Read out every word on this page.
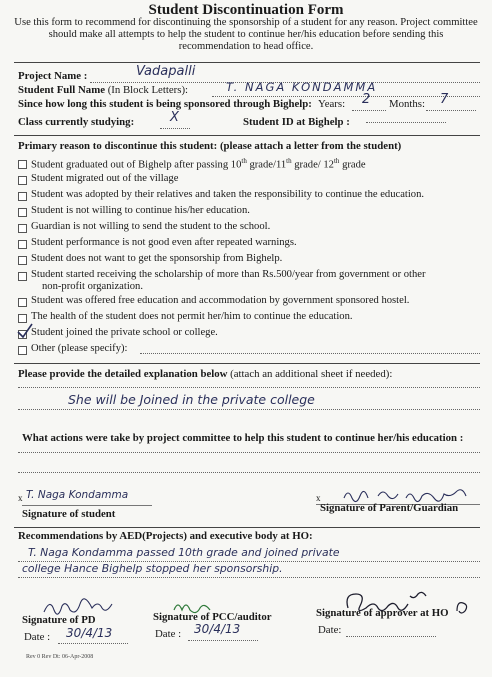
Student Discontinuation Form
Use this form to recommend for discontinuing the sponsorship of a student for any reason. Project committee should make all attempts to help the student to continue her/his education before sending this recommendation to head office.
Project Name :	Vadapalli
Student Full Name (In Block Letters):	T. NAGA KONDAMMA
Since how long this student is being sponsored through Bighelp: Years: 2 Months: 7
Class currently studying:	X	Student ID at Bighelp :
Primary reason to discontinue this student: (please attach a letter from the student)
Student graduated out of Bighelp after passing 10th grade/11th grade/ 12th grade
Student migrated out of the village
Student was adopted by their relatives and taken the responsibility to continue the education.
Student is not willing to continue his/her education.
Guardian is not willing to send the student to the school.
Student performance is not good even after repeated warnings.
Student does not want to get the sponsorship from Bighelp.
Student started receiving the scholarship of more than Rs.500/year from government or other
non-profit organization.
Student was offered free education and accommodation by government sponsored hostel.
The health of the student does not permit her/him to continue the education.
Student joined the private school or college.
Other (please specify):
Please provide the detailed explanation below (attach an additional sheet if needed):
She will be Joined in the private college
What actions were take by project committee to help this student to continue her/his education :
x T. Naga Kondamma
Signature of student
x
Signature of Parent/Guardian
Recommendations by AED(Projects) and executive body at HO:
T. Naga Kondamma passed 10th grade and joined private
college Hance Bighelp stopped her sponsorship.
Signature of PD
Date : 30/4/13
Signature of PCC/auditor
Date : 30/4/13
Signature of approver at HO
Date:
Rev 0 Rev Dt: 06-Apr-2008
